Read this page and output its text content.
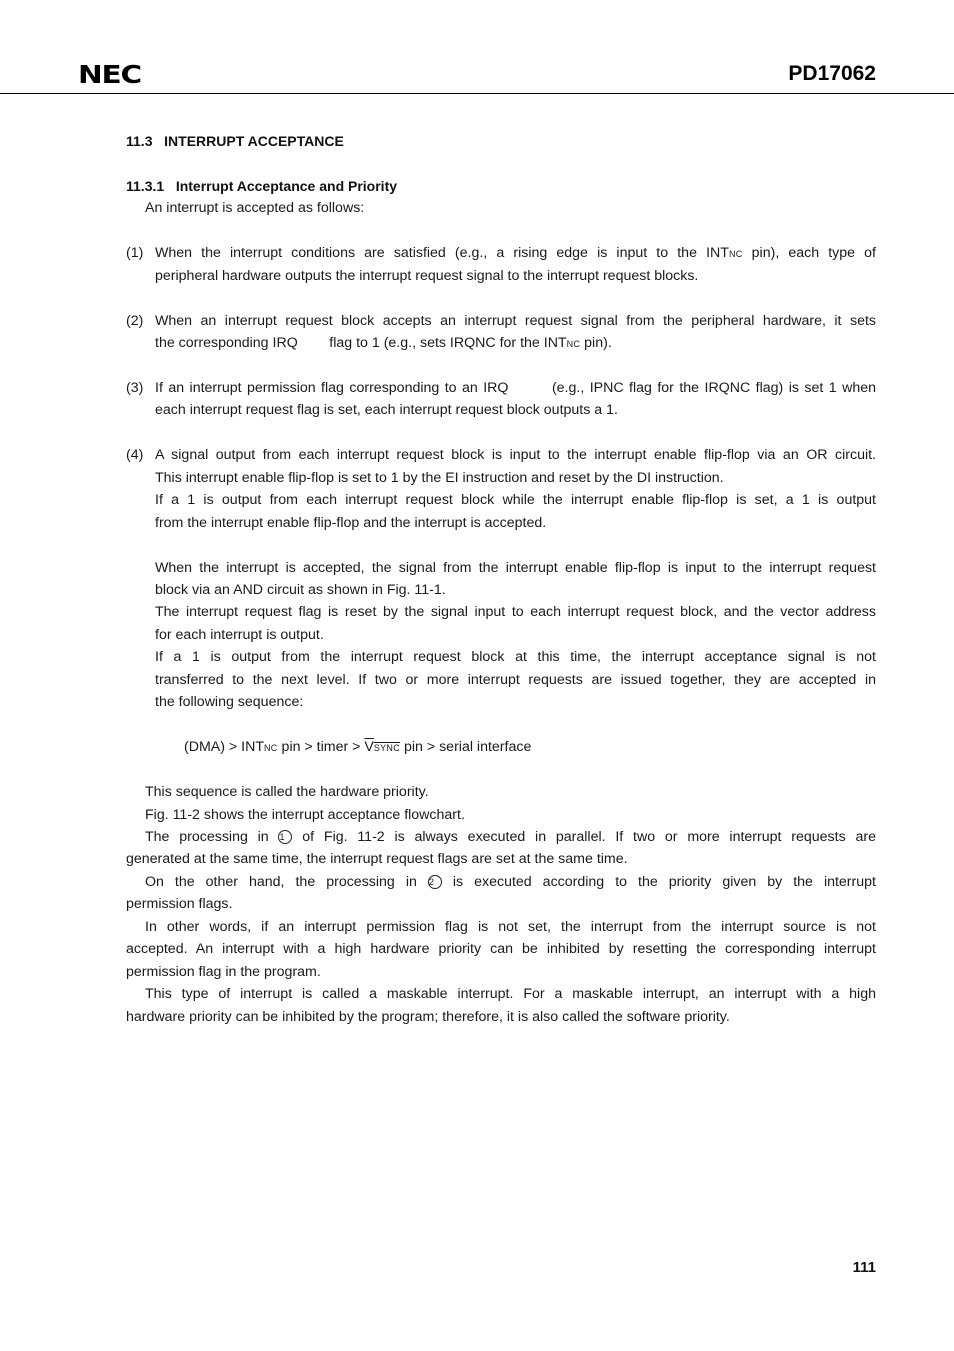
NEC	PD17062
11.3   INTERRUPT ACCEPTANCE
11.3.1   Interrupt Acceptance and Priority
An interrupt is accepted as follows:
(1) When the interrupt conditions are satisfied (e.g., a rising edge is input to the INTNC pin), each type of
peripheral hardware outputs the interrupt request signal to the interrupt request blocks.
(2) When an interrupt request block accepts an interrupt request signal from the peripheral hardware, it sets
the corresponding IRQ        flag to 1 (e.g., sets IRQNC for the INTNC pin).
(3) If an interrupt permission flag corresponding to an IRQ        (e.g., IPNC flag for the IRQNC flag) is set 1 when
each interrupt request flag is set, each interrupt request block outputs a 1.
(4) A signal output from each interrupt request block is input to the interrupt enable flip-flop via an OR circuit.
This interrupt enable flip-flop is set to 1 by the EI instruction and reset by the DI instruction.
If a 1 is output from each interrupt request block while the interrupt enable flip-flop is set, a 1 is output
from the interrupt enable flip-flop and the interrupt is accepted.
When the interrupt is accepted, the signal from the interrupt enable flip-flop is input to the interrupt request
block via an AND circuit as shown in Fig. 11-1.
The interrupt request flag is reset by the signal input to each interrupt request block, and the vector address
for each interrupt is output.
If a 1 is output from the interrupt request block at this time, the interrupt acceptance signal is not
transferred to the next level. If two or more interrupt requests are issued together, they are accepted in
the following sequence:
(DMA) > INTNC pin > timer > VSYNC pin > serial interface
This sequence is called the hardware priority.
Fig. 11-2 shows the interrupt acceptance flowchart.
The processing in 1 of Fig. 11-2 is always executed in parallel. If two or more interrupt requests are
generated at the same time, the interrupt request flags are set at the same time.
On the other hand, the processing in 2 is executed according to the priority given by the interrupt
permission flags.
In other words, if an interrupt permission flag is not set, the interrupt from the interrupt source is not
accepted. An interrupt with a high hardware priority can be inhibited by resetting the corresponding interrupt
permission flag in the program.
This type of interrupt is called a maskable interrupt. For a maskable interrupt, an interrupt with a high
hardware priority can be inhibited by the program; therefore, it is also called the software priority.
111
